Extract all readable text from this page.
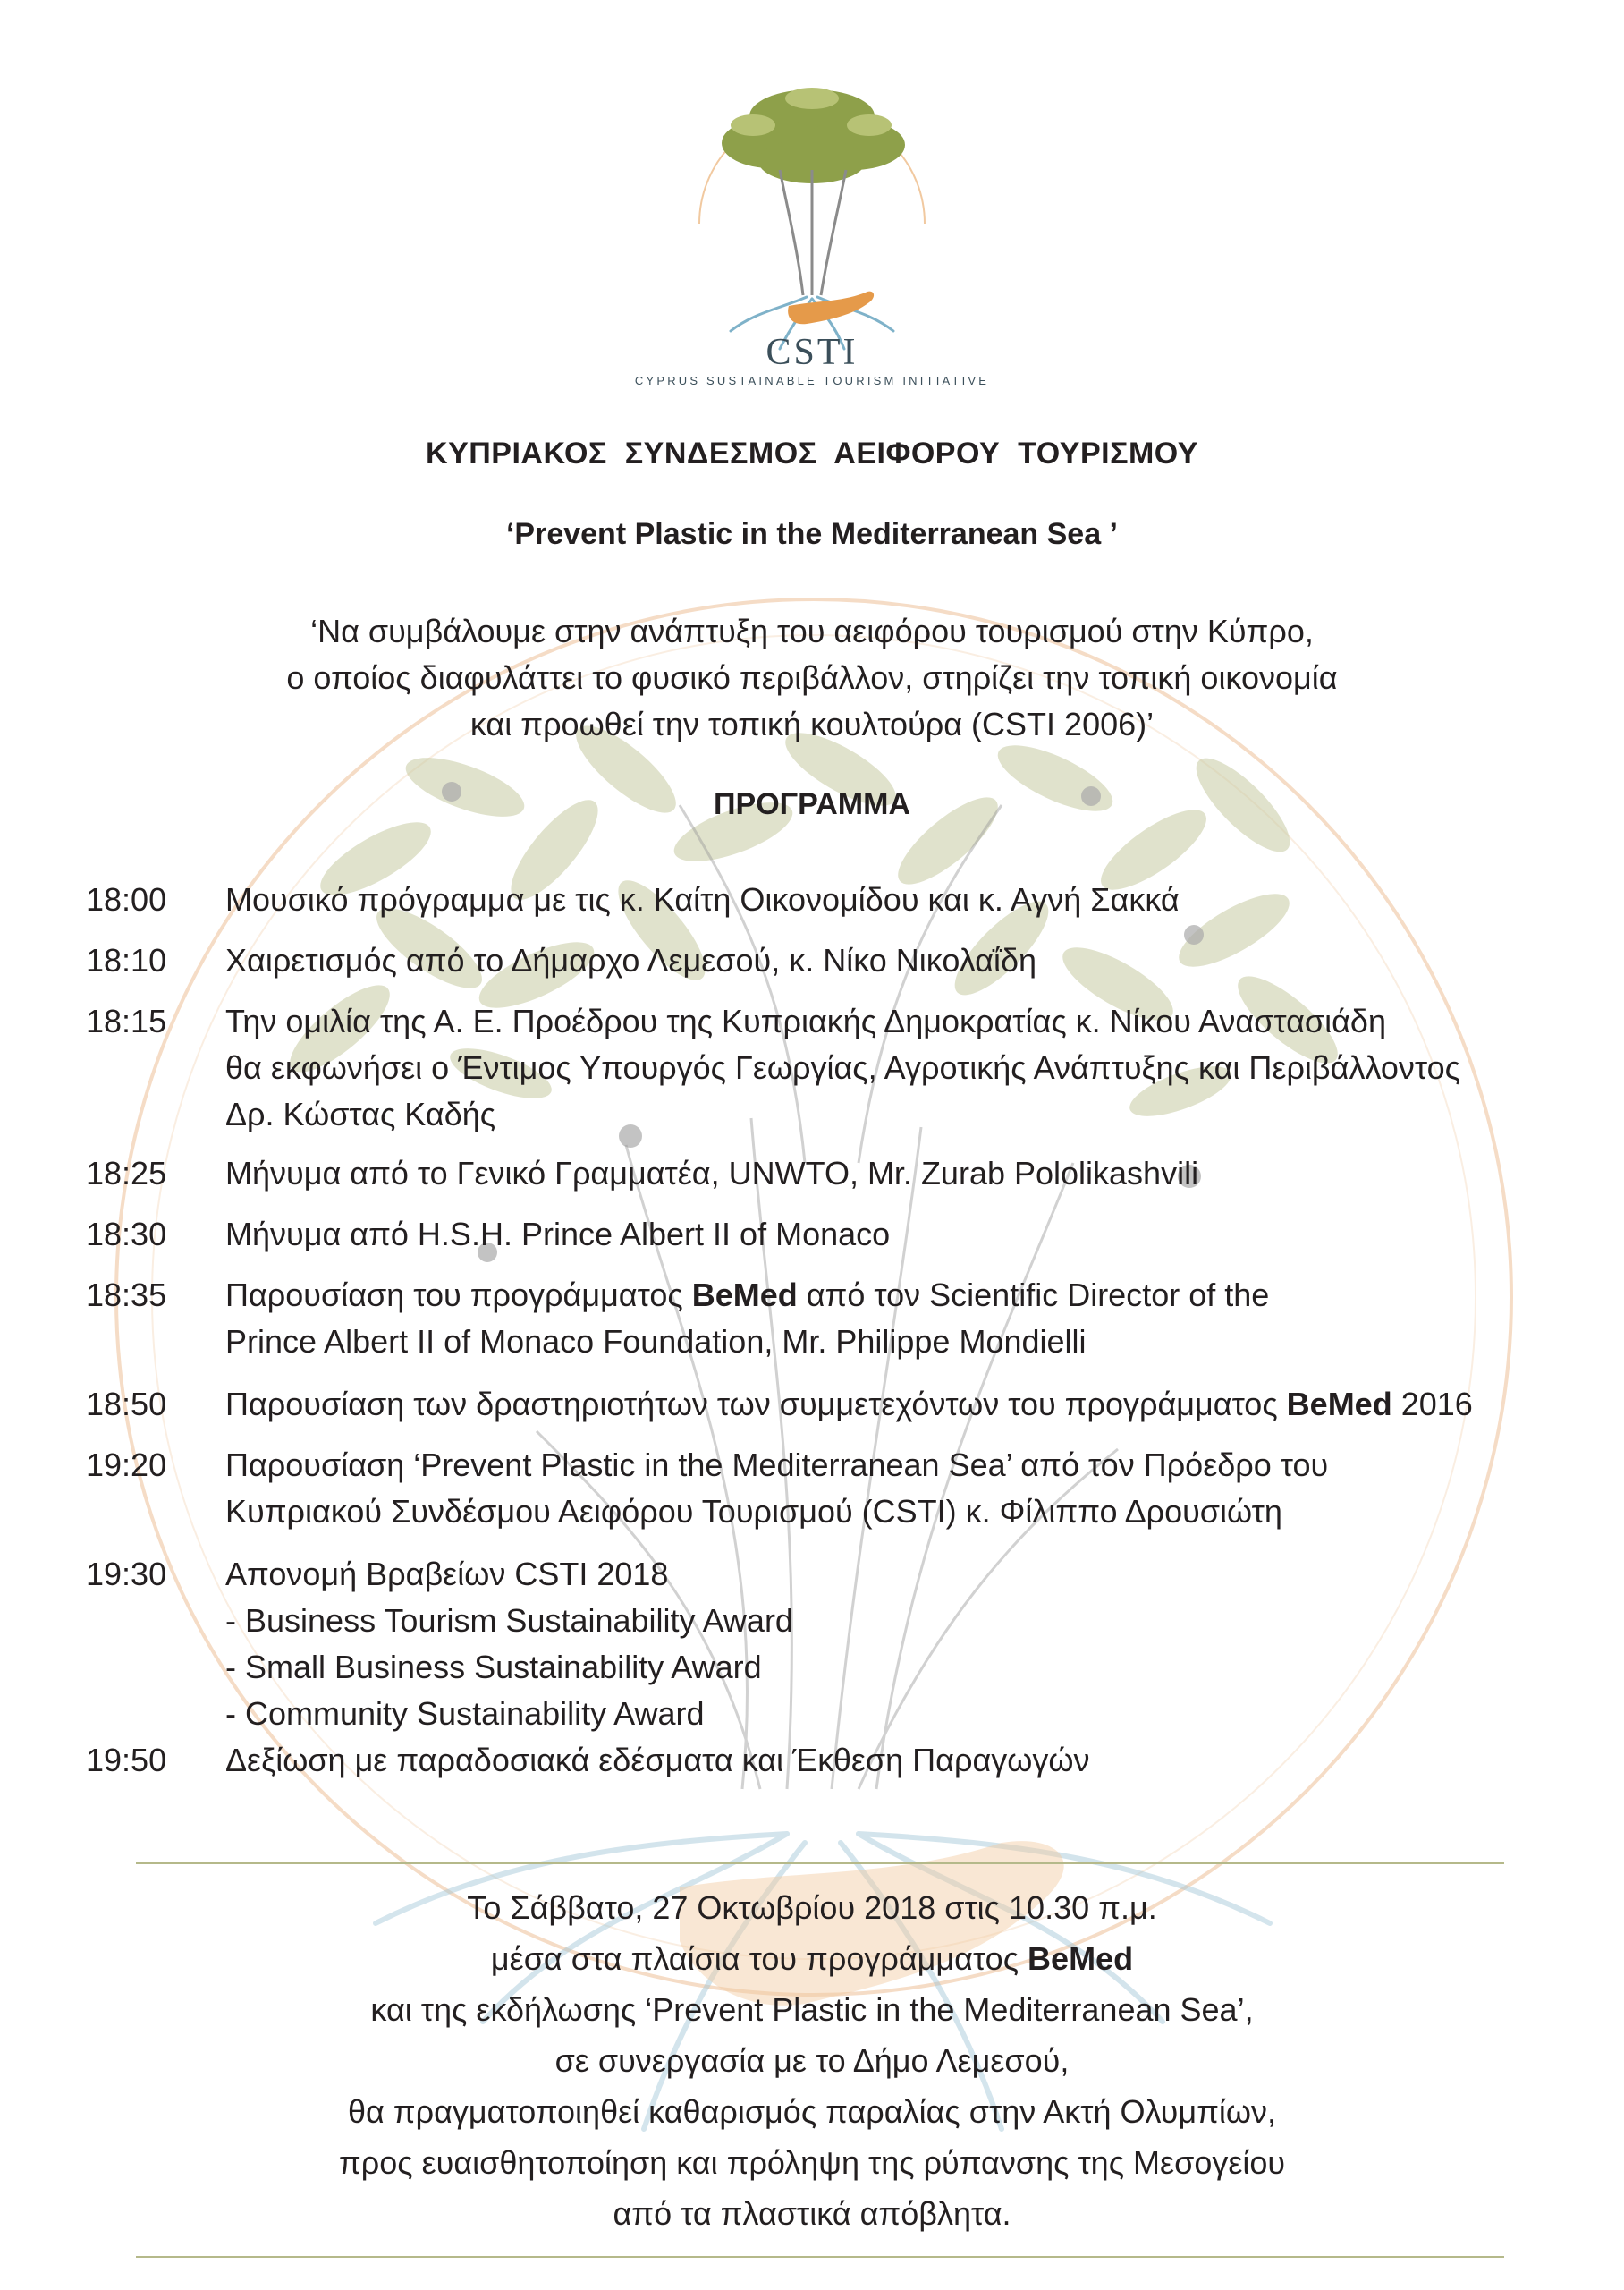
CSTI
CYPRUS SUSTAINABLE TOURISM INITIATIVE
ΚΥΠΡΙΑΚΟΣ ΣΥΝΔΕΣΜΟΣ ΑΕΙΦΟΡΟΥ ΤΟΥΡΙΣΜΟΥ
‘Prevent Plastic in the Mediterranean Sea ’
‘Να συμβάλουμε στην ανάπτυξη του αειφόρου τουρισμού στην Κύπρο,
ο οποίος διαφυλάττει το φυσικό περιβάλλον, στηρίζει την τοπική οικονομία
και προωθεί την τοπική κουλτούρα (CSTI 2006)’
ΠΡΟΓΡΑΜΜΑ
18:00 Μουσικό πρόγραμμα με τις κ. Καίτη Οικονομίδου και κ. Αγνή Σακκά
18:10 Χαιρετισμός από το Δήμαρχο Λεμεσού, κ. Νίκο Νικολαΐδη
18:15 Την ομιλία της Α. Ε. Προέδρου της Κυπριακής Δημοκρατίας κ. Νίκου Αναστασιάδη
θα εκφωνήσει ο Έντιμος Υπουργός Γεωργίας, Αγροτικής Ανάπτυξης και Περιβάλλοντος
Δρ. Κώστας Καδής
18:25 Μήνυμα από το Γενικό Γραμματέα, UNWTO, Mr. Zurab Pololikashvili
18:30 Μήνυμα από H.S.H. Prince Albert II of Monaco
18:35 Παρουσίαση του προγράμματος BeMed από τον Scientific Director of the
Prince Albert II of Monaco Foundation, Mr. Philippe Mondielli
18:50 Παρουσίαση των δραστηριοτήτων των συμμετεχόντων του προγράμματος BeMed 2016
19:20 Παρουσίαση ‘Prevent Plastic in the Mediterranean Sea’ από τον Πρόεδρο του
Κυπριακού Συνδέσμου Αειφόρου Τουρισμού (CSTI) κ. Φίλιππο Δρουσιώτη
19:30 Απονομή Βραβείων CSTI 2018
- Business Tourism Sustainability Award
- Small Business Sustainability Award
- Community Sustainability Award
19:50 Δεξίωση με παραδοσιακά εδέσματα και Έκθεση Παραγωγών
Το Σάββατο, 27 Οκτωβρίου 2018 στις 10.30 π.μ.
μέσα στα πλαίσια του προγράμματος BeMed
και της εκδήλωσης ‘Prevent Plastic in the Mediterranean Sea’,
σε συνεργασία με το Δήμο Λεμεσού,
θα πραγματοποιηθεί καθαρισμός παραλίας στην Ακτή Ολυμπίων,
προς ευαισθητοποίηση και πρόληψη της ρύπανσης της Μεσογείου
από τα πλαστικά απόβλητα.
